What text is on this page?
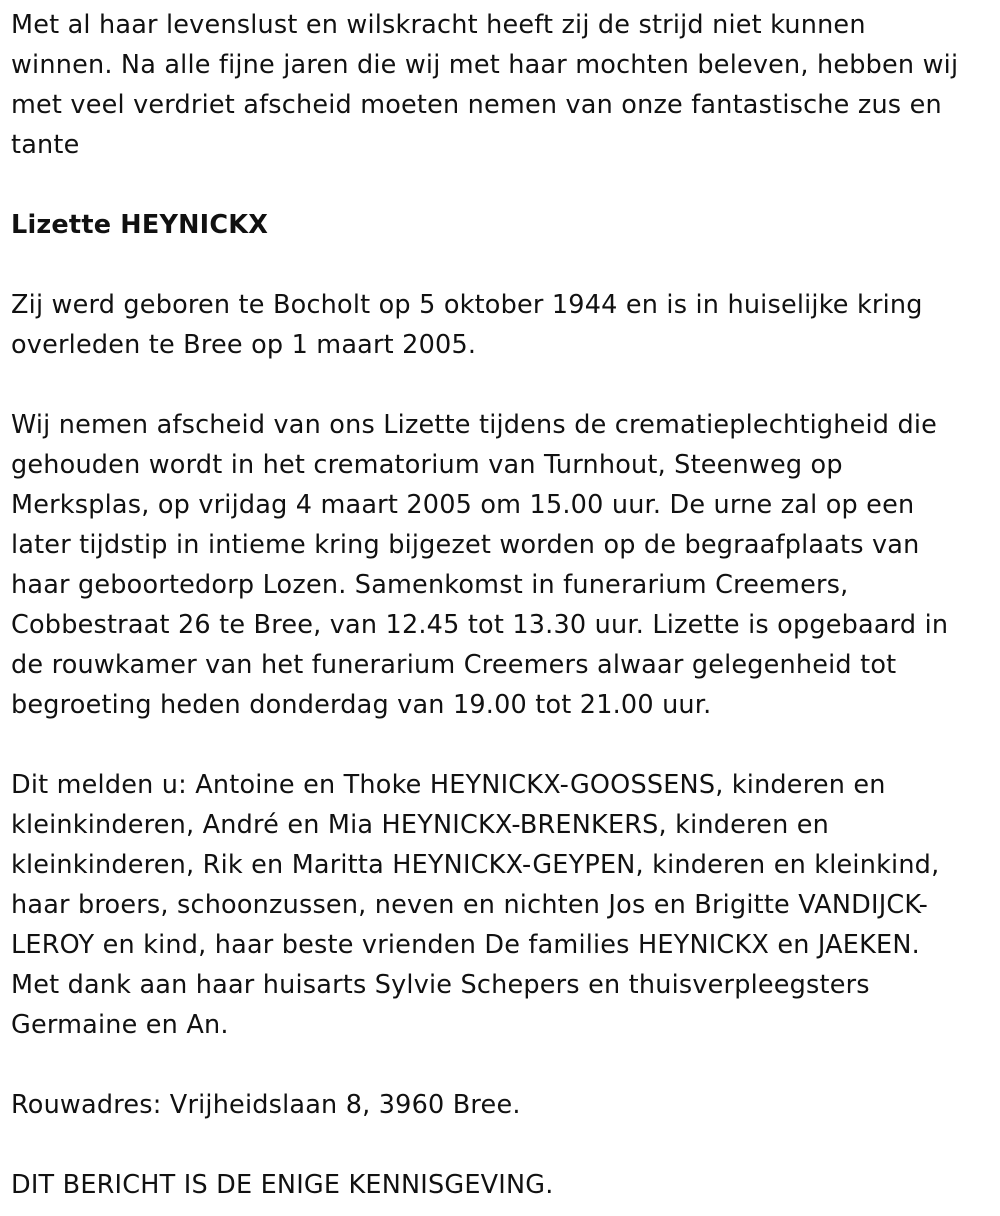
Met al haar levenslust en wilskracht heeft zij de strijd niet kunnen winnen. Na alle fijne jaren die wij met haar mochten beleven, hebben wij met veel verdriet afscheid moeten nemen van onze fantastische zus en tante

Lizette HEYNICKX

Zij werd geboren te Bocholt op 5 oktober 1944 en is in huiselijke kring overleden te Bree op 1 maart 2005.

Wij nemen afscheid van ons Lizette tijdens de crematieplechtigheid die gehouden wordt in het crematorium van Turnhout, Steenweg op Merksplas, op vrijdag 4 maart 2005 om 15.00 uur. De urne zal op een later tijdstip in intieme kring bijgezet worden op de begraafplaats van haar geboortedorp Lozen. Samenkomst in funerarium Creemers, Cobbestraat 26 te Bree, van 12.45 tot 13.30 uur. Lizette is opgebaard in de rouwkamer van het funerarium Creemers alwaar gelegenheid tot begroeting heden donderdag van 19.00 tot 21.00 uur.

Dit melden u: Antoine en Thoke HEYNICKX-GOOSSENS, kinderen en kleinkinderen, André en Mia HEYNICKX-BRENKERS, kinderen en kleinkinderen, Rik en Maritta HEYNICKX-GEYPEN, kinderen en kleinkind, haar broers, schoonzussen, neven en nichten Jos en Brigitte VANDIJCK-LEROY en kind, haar beste vrienden De families HEYNICKX en JAEKEN. Met dank aan haar huisarts Sylvie Schepers en thuisverpleegsters Germaine en An.

Rouwadres: Vrijheidslaan 8, 3960 Bree.

DIT BERICHT IS DE ENIGE KENNISGEVING.
